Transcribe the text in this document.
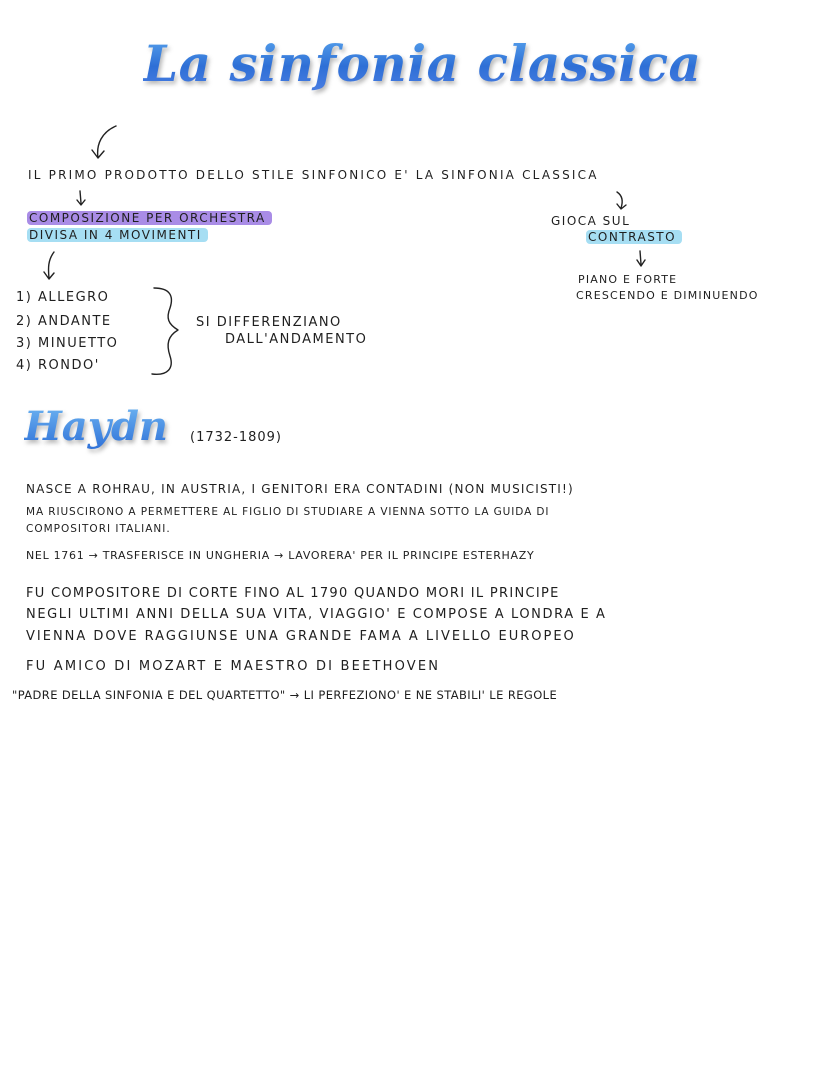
La sinfonia classica
IL PRIMO PRODOTTO DELLO STILE SINFONICO E' LA SINFONIA CLASSICA
COMPOSIZIONE PER ORCHESTRA
DIVISA IN 4 MOVIMENTI
GIOCA SUL
CONTRASTO
PIANO E FORTE
CRESCENDO E DIMINUENDO
1) ALLEGRO
2) ANDANTE
3) MINUETTO
4) RONDO'
SI DIFFERENZIANO
DALL'ANDAMENTO
Haydn (1732-1809)
NASCE A ROHRAU, IN AUSTRIA, I GENITORI ERA CONTADINI (NON MUSICISTI!)
MA RIUSCIRONO A PERMETTERE AL FIGLIO DI STUDIARE A VIENNA SOTTO LA GUIDA DI
COMPOSITORI ITALIANI.
NEL 1761 → TRASFERISCE IN UNGHERIA → LAVORERA' PER IL PRINCIPE ESTERHAZY
FU COMPOSITORE DI CORTE FINO AL 1790 QUANDO MORI IL PRINCIPE
NEGLI ULTIMI ANNI DELLA SUA VITA, VIAGGIO' E COMPOSE A LONDRA E A
VIENNA DOVE RAGGIUNSE UNA GRANDE FAMA A LIVELLO EUROPEO
FU AMICO DI MOZART E MAESTRO DI BEETHOVEN
"PADRE DELLA SINFONIA E DEL QUARTETTO" → LI PERFEZIONO' E NE STABILI' LE REGOLE
